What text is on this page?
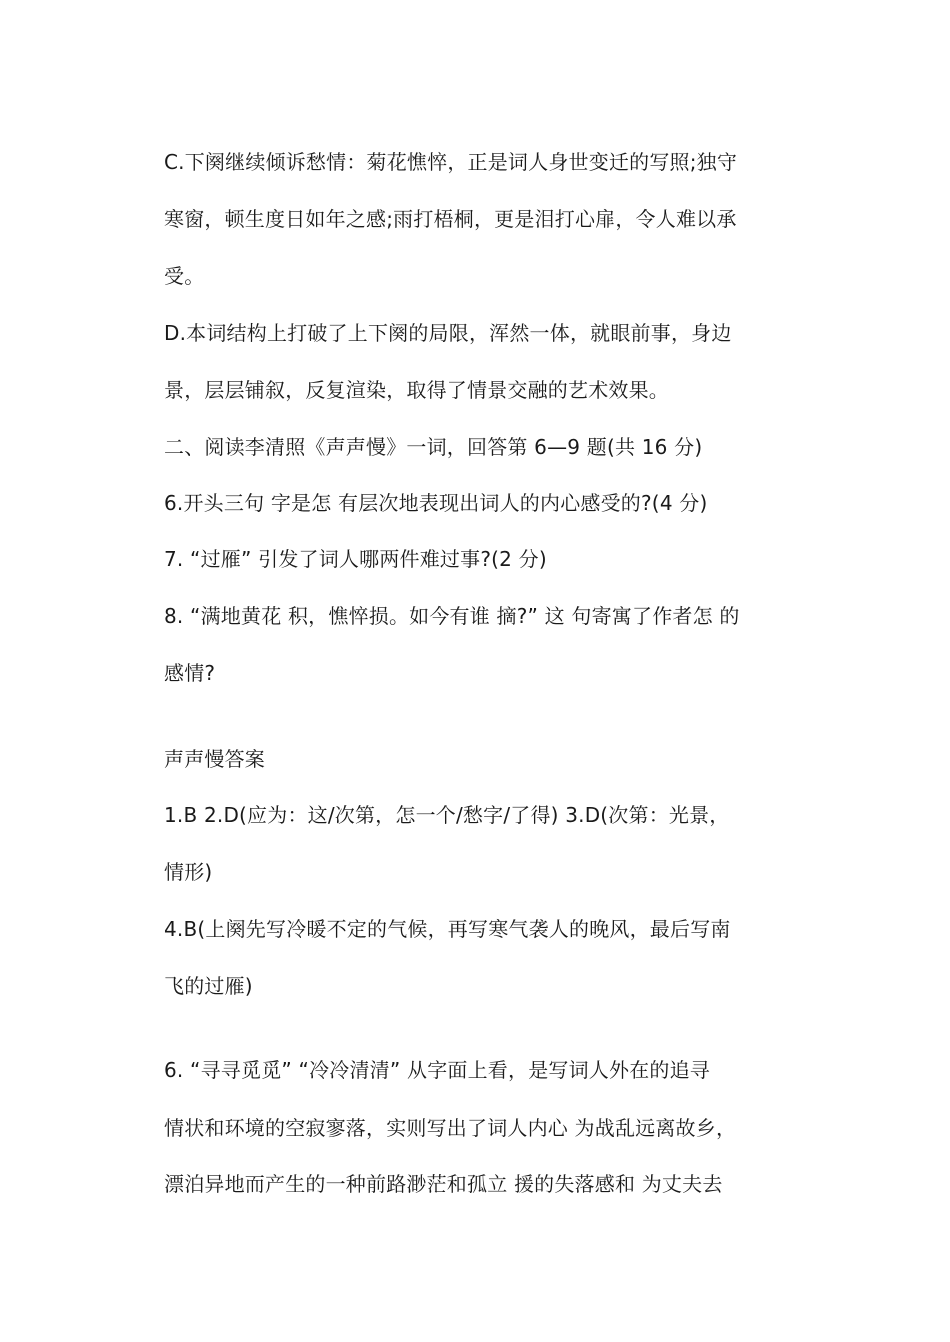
C.下阕继续倾诉愁情：菊花憔悴，正是词人身世变迁的写照;独守
寒窗，顿生度日如年之感;雨打梧桐，更是泪打心扉，令人难以承
受。
D.本词结构上打破了上下阕的局限，浑然一体，就眼前事，身边
景，层层铺叙，反复渲染，取得了情景交融的艺术效果。
二、阅读李清照《声声慢》一词，回答第 6—9 题(共 16 分)
6.开头三句 字是怎 有层次地表现出词人的内心感受的?(4 分)
7. “过雁” 引发了词人哪两件难过事?(2 分)
8. “满地黄花 积，憔悴损。如今有谁 摘?” 这 句寄寓了作者怎 的
感情?
声声慢答案
1.B 2.D(应为：这/次第，怎一个/愁字/了得) 3.D(次第：光景，
情形)
4.B(上阕先写冷暖不定的气候，再写寒气袭人的晚风，最后写南
飞的过雁)
6. “寻寻觅觅” “冷冷清清” 从字面上看，是写词人外在的追寻
情状和环境的空寂寥落，实则写出了词人内心 为战乱远离故乡，
漂泊异地而产生的一种前路渺茫和孤立 援的失落感和 为丈夫去
